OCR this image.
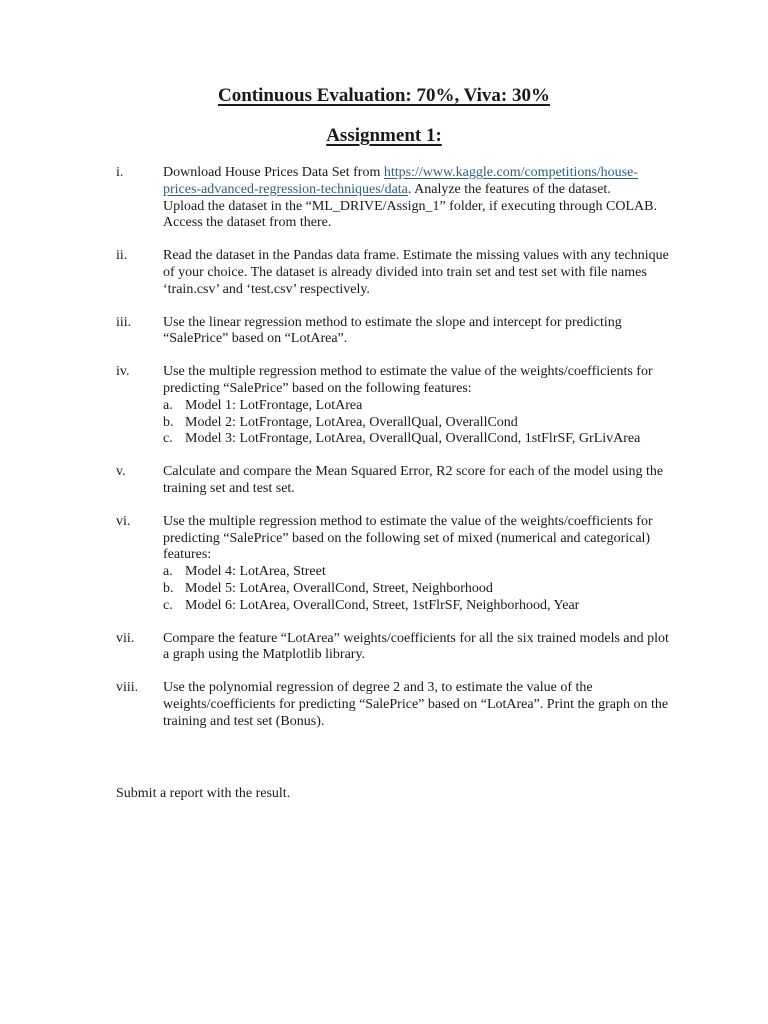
Continuous Evaluation: 70%, Viva: 30%
Assignment 1:
i.	Download House Prices Data Set from https://www.kaggle.com/competitions/house-prices-advanced-regression-techniques/data. Analyze the features of the dataset.

Upload the dataset in the “ML_DRIVE/Assign_1” folder, if executing through COLAB. Access the dataset from there.

ii.	Read the dataset in the Pandas data frame. Estimate the missing values with any technique of your choice. The dataset is already divided into train set and test set with file names ‘train.csv’ and ‘test.csv’ respectively.

iii. Use the linear regression method to estimate the slope and intercept for predicting “SalePrice” based on “LotArea”.

iv. Use the multiple regression method to estimate the value of the weights/coefficients for predicting “SalePrice” based on the following features:

a. Model 1: LotFrontage, LotArea
b. Model 2: LotFrontage, LotArea, OverallQual, OverallCond
c. Model 3: LotFrontage, LotArea, OverallQual, OverallCond, 1stFlrSF, GrLivArea
v.	Calculate and compare the Mean Squared Error, R2 score for each of the model using the training set and test set.

vi. Use the multiple regression method to estimate the value of the weights/coefficients for predicting “SalePrice” based on the following set of mixed (numerical and categorical) features:

a. Model 4: LotArea, Street
b. Model 5: LotArea, OverallCond, Street, Neighborhood
c. Model 6: LotArea, OverallCond, Street, 1stFlrSF, Neighborhood, Year
vii. Compare the feature “LotArea” weights/coefficients for all the six trained models and plot a graph using the Matplotlib library.

viii. Use the polynomial regression of degree 2 and 3, to estimate the value of the weights/coefficients for predicting “SalePrice” based on “LotArea”. Print the graph on the training and test set (Bonus).

Submit a report with the result.
